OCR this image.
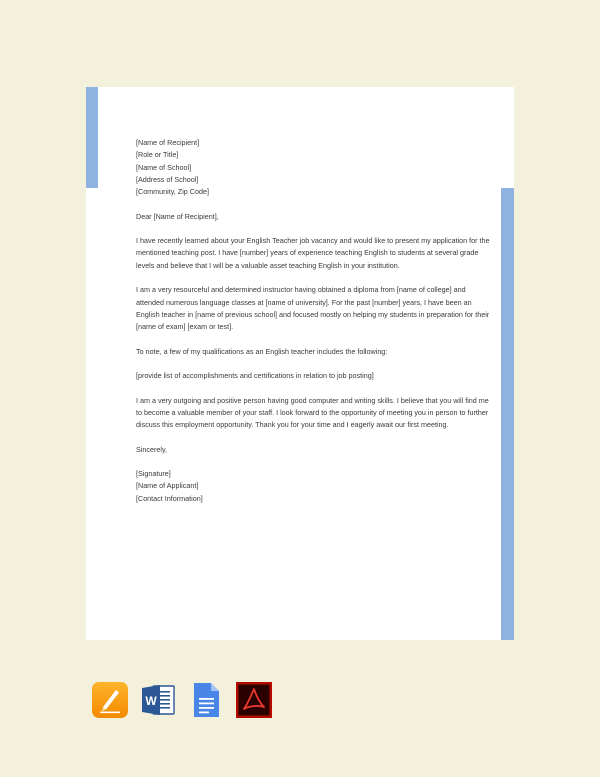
[Name of Recipient]
[Role or Title]
[Name of School]
[Address of School]
[Community, Zip Code]

Dear [Name of Recipient],

I have recently learned about your English Teacher job vacancy and would like to present my application for the mentioned teaching post. I have [number] years of experience teaching English to students at several grade levels and believe that I will be a valuable asset teaching English in your institution.

I am a very resourceful and determined instructor having obtained a diploma from [name of college] and attended numerous language classes at [name of university]. For the past [number] years, I have been an English teacher in [name of previous school] and focused mostly on helping my students in preparation for their [name of exam] [exam or test].

To note, a few of my qualifications as an English teacher includes the following:

[provide list of accomplishments and certifications in relation to job posting]

I am a very outgoing and positive person having good computer and writing skills. I believe that you will find me to become a valuable member of your staff. I look forward to the opportunity of meeting you in person to further discuss this employment opportunity. Thank you for your time and I eagerly await our first meeting.

Sincerely,

[Signature]
[Name of Applicant]
[Contact Information]

W
